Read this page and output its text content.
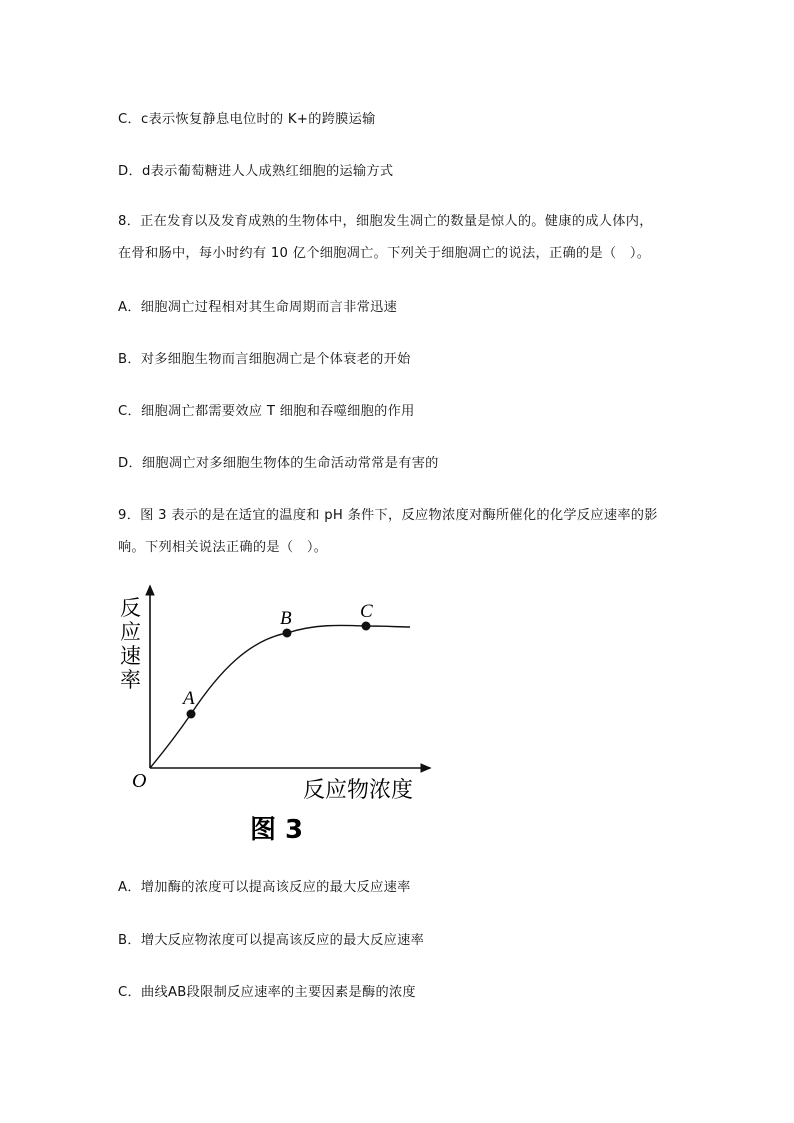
C．c表示恢复静息电位时的 K+的跨膜运输
D．d表示葡萄糖进人人成熟红细胞的运输方式
8．正在发育以及发育成熟的生物体中，细胞发生凋亡的数量是惊人的。健康的成人体内，
在骨和肠中，每小时约有 10 亿个细胞凋亡。下列关于细胞凋亡的说法，正确的是（　）。
A．细胞凋亡过程相对其生命周期而言非常迅速
B．对多细胞生物而言细胞凋亡是个体衰老的开始
C．细胞凋亡都需要效应 T 细胞和吞噬细胞的作用
D．细胞凋亡对多细胞生物体的生命活动常常是有害的
9．图 3 表示的是在适宜的温度和 pH 条件下，反应物浓度对酶所催化的化学反应速率的影
响。下列相关说法正确的是（　）。
A
B	C
O
反
应
速
率
反应物浓度
图 3
A．增加酶的浓度可以提高该反应的最大反应速率
B．增大反应物浓度可以提高该反应的最大反应速率
C．曲线AB段限制反应速率的主要因素是酶的浓度
